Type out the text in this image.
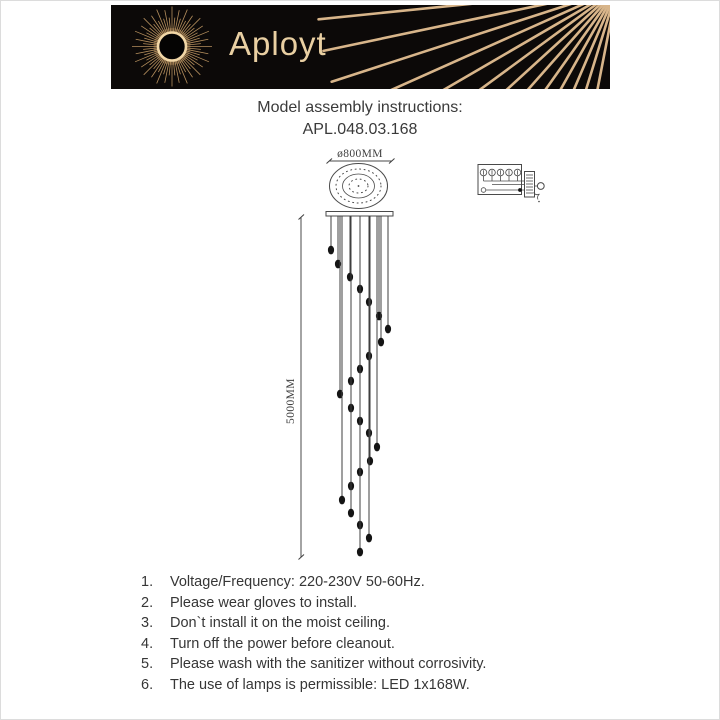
Aployt
Model assembly instructions:
APL.048.03.168
ø800MM
5000MM
1.	Voltage/Frequency: 220-230V 50-60Hz.
2.	Please wear gloves to install.
3.	Don`t install it on the moist ceiling.
4.	Turn off the power before cleanout.
5.	Please wash with the sanitizer without corrosivity.
6.	The use of lamps is permissible: LED 1x168W.
